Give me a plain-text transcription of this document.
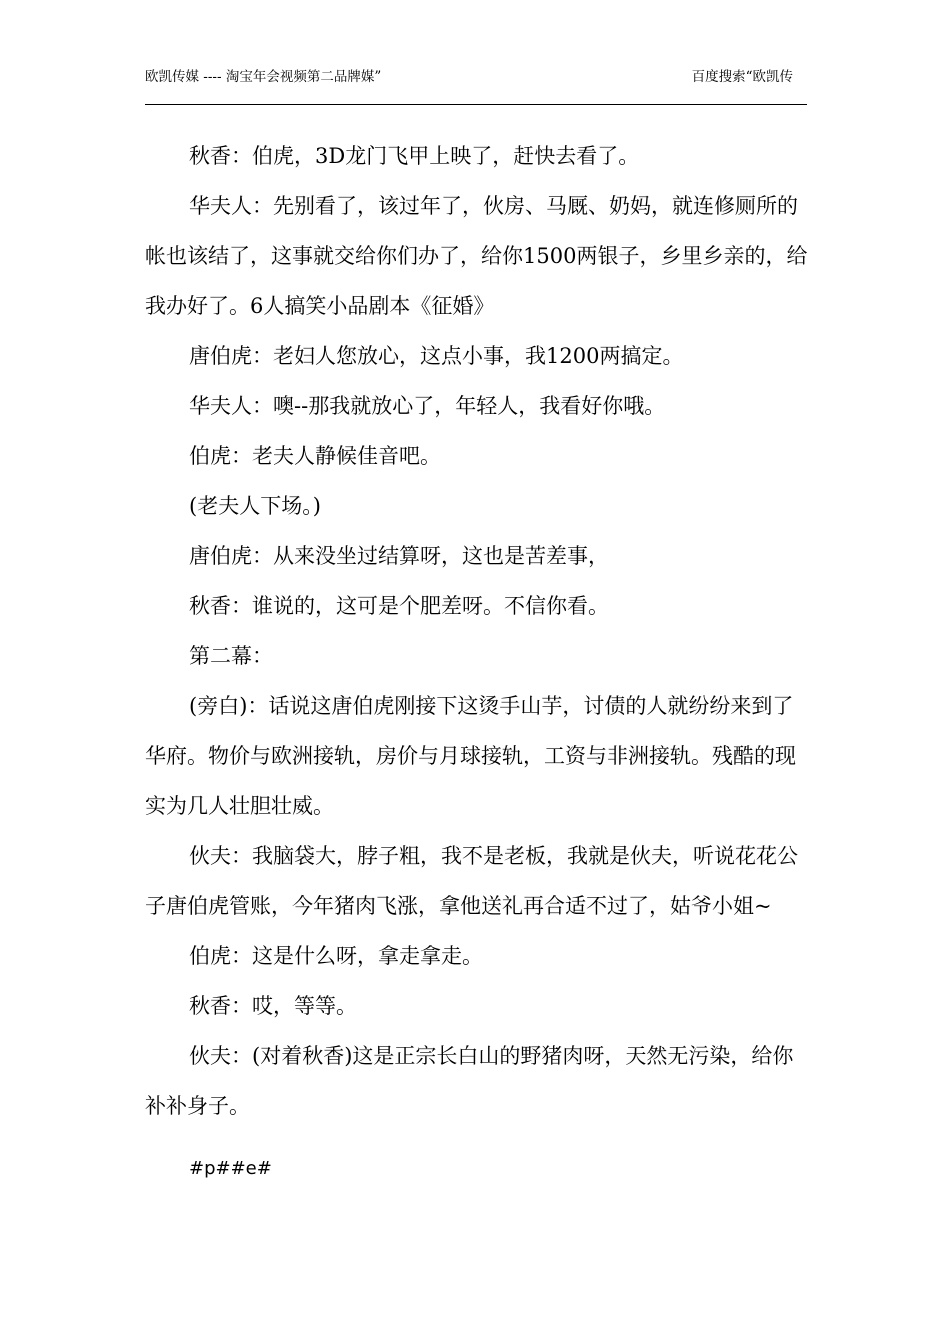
欧凯传媒 ---- 淘宝年会视频第二品牌媒”	百度搜索“欧凯传

秋香：伯虎，3D龙门飞甲上映了，赶快去看了。

华夫人：先别看了，该过年了，伙房、马厩、奶妈，就连修厕所的帐也该结了，这事就交给你们办了，给你1500两银子，乡里乡亲的，给我办好了。6人搞笑小品剧本《征婚》

唐伯虎：老妇人您放心，这点小事，我1200两搞定。

华夫人：噢--那我就放心了，年轻人，我看好你哦。

伯虎：老夫人静候佳音吧。

(老夫人下场。)

唐伯虎：从来没坐过结算呀，这也是苦差事，

秋香：谁说的，这可是个肥差呀。不信你看。

第二幕：

(旁白)：话说这唐伯虎刚接下这烫手山芋，讨债的人就纷纷来到了华府。物价与欧洲接轨，房价与月球接轨，工资与非洲接轨。残酷的现实为几人壮胆壮威。

伙夫：我脑袋大，脖子粗，我不是老板，我就是伙夫，听说花花公子唐伯虎管账，今年猪肉飞涨，拿他送礼再合适不过了，姑爷小姐~

伯虎：这是什么呀，拿走拿走。

秋香：哎，等等。

伙夫：(对着秋香)这是正宗长白山的野猪肉呀，天然无污染，给你补补身子。

#p##e#
